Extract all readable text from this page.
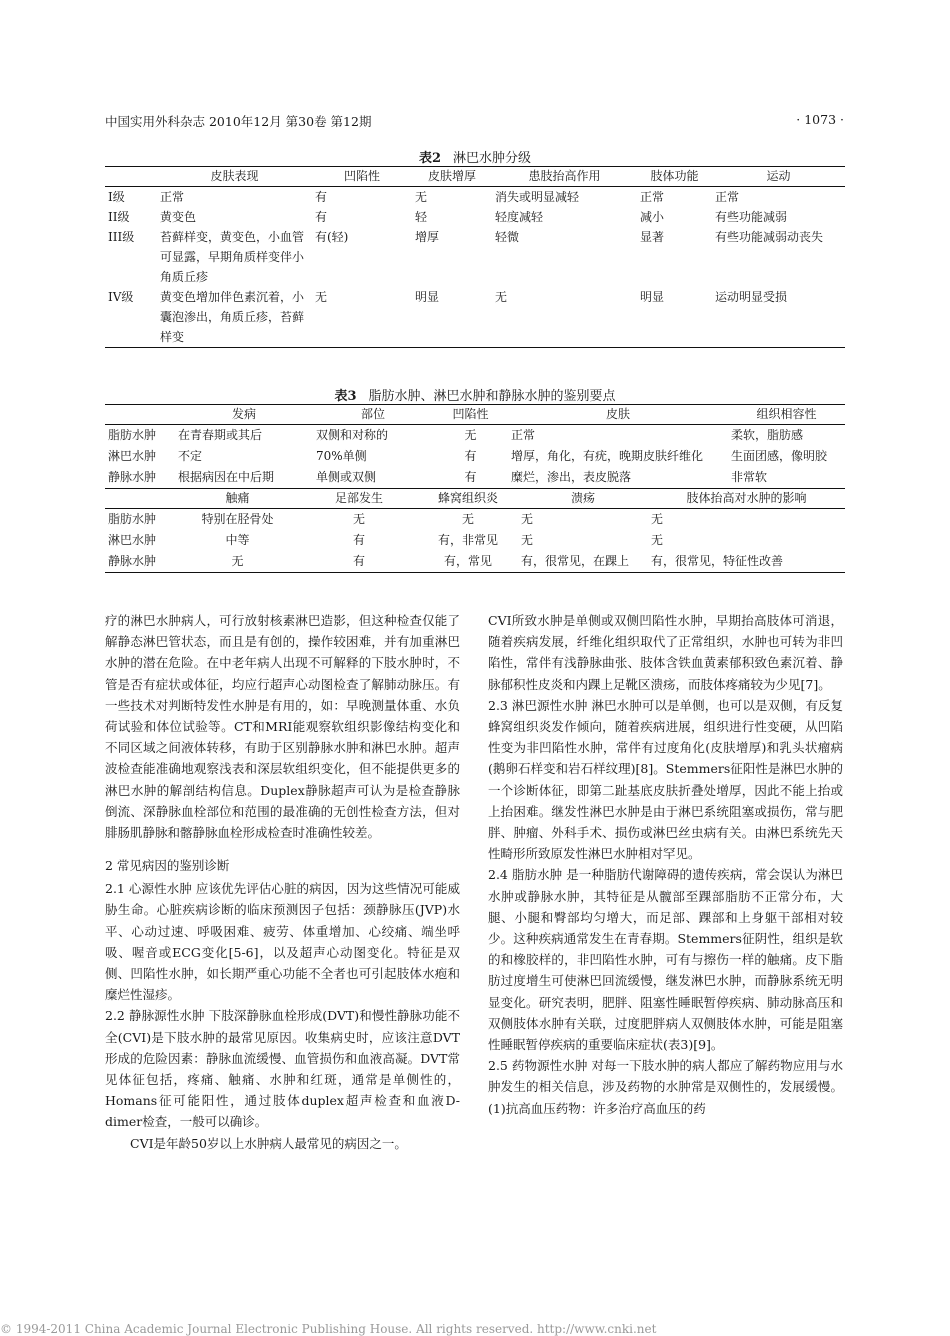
中国实用外科杂志 2010年12月 第30卷 第12期	· 1073 ·
表2 淋巴水肿分级
	皮肤表现	凹陷性	皮肤增厚	患肢抬高作用	肢体功能	运动
I级	正常	有	无	消失或明显减轻	正常	正常
II级	黄变色	有	轻	轻度减轻	减小	有些功能减弱
III级	苔藓样变，黄变色，小血管可显露，早期角质样变伴小角质丘疹	有(轻)	增厚	轻微	显著	有些功能减弱动丧失
IV级	黄变色增加伴色素沉着，小囊泡渗出，角质丘疹，苔藓样变	无	明显	无	明显	运动明显受损
表3 脂肪水肿、淋巴水肿和静脉水肿的鉴别要点
	发病	部位	凹陷性	皮肤	组织相容性
脂肪水肿	在青春期或其后	双侧和对称的	无	正常	柔软，脂肪感
淋巴水肿	不定	70%单侧	有	增厚，角化，有疣，晚期皮肤纤维化	生面团感，像明胶
静脉水肿	根据病因在中后期	单侧或双侧	有	糜烂，渗出，表皮脱落	非常软
	触痛	足部发生	蜂窝组织炎	溃疡	肢体抬高对水肿的影响
脂肪水肿	特别在胫骨处	无	无	无	无
淋巴水肿	中等	有	有，非常见	无	无
静脉水肿	无	有	有，常见	有，很常见，在踝上	有，很常见，特征性改善

疗的淋巴水肿病人，可行放射核素淋巴造影，但这种检查仅能了解静态淋巴管状态，而且是有创的，操作较困难，并有加重淋巴水肿的潜在危险。在中老年病人出现不可解释的下肢水肿时，不管是否有症状或体征，均应行超声心动图检查了解肺动脉压。有一些技术对判断特发性水肿是有用的，如：早晚测量体重、水负荷试验和体位试验等。CT和MRI能观察软组织影像结构变化和不同区域之间液体转移，有助于区别静脉水肿和淋巴水肿。超声波检查能准确地观察浅表和深层软组织变化，但不能提供更多的淋巴水肿的解剖结构信息。Duplex静脉超声可认为是检查静脉倒流、深静脉血栓部位和范围的最准确的无创性检查方法，但对腓肠肌静脉和髂静脉血栓形成检查时准确性较差。

2 常见病因的鉴别诊断

2.1 心源性水肿 应该优先评估心脏的病因，因为这些情况可能威胁生命。心脏疾病诊断的临床预测因子包括：颈静脉压(JVP)水平、心动过速、呼吸困难、疲劳、体重增加、心绞痛、端坐呼吸、喔音或ECG变化[5-6]，以及超声心动图变化。特征是双侧、凹陷性水肿，如长期严重心功能不全者也可引起肢体水疱和糜烂性湿疹。

2.2 静脉源性水肿 下肢深静脉血栓形成(DVT)和慢性静脉功能不全(CVI)是下肢水肿的最常见原因。收集病史时，应该注意DVT形成的危险因素：静脉血流缓慢、血管损伤和血液高凝。DVT常见体征包括，疼痛、触痛、水肿和红斑，通常是单侧性的，Homans征可能阳性，通过肢体duplex超声检查和血液D-dimer检查，一般可以确诊。

CVI是年龄50岁以上水肿病人最常见的病因之一。

CVI所致水肿是单侧或双侧凹陷性水肿，早期抬高肢体可消退，随着疾病发展，纤维化组织取代了正常组织，水肿也可转为非凹陷性，常伴有浅静脉曲张、肢体含铁血黄素郁积致色素沉着、静脉郁积性皮炎和内踝上足靴区溃疡，而肢体疼痛较为少见[7]。

2.3 淋巴源性水肿 淋巴水肿可以是单侧，也可以是双侧，有反复蜂窝组织炎发作倾向，随着疾病进展，组织进行性变硬，从凹陷性变为非凹陷性水肿，常伴有过度角化(皮肤增厚)和乳头状瘤病(鹅卵石样变和岩石样纹理)[8]。Stemmers征阳性是淋巴水肿的一个诊断体征，即第二趾基底皮肤折叠处增厚，因此不能上抬或上抬困难。继发性淋巴水肿是由于淋巴系统阻塞或损伤，常与肥胖、肿瘤、外科手术、损伤或淋巴丝虫病有关。由淋巴系统先天性畸形所致原发性淋巴水肿相对罕见。

2.4 脂肪水肿 是一种脂肪代谢障碍的遗传疾病，常会误认为淋巴水肿或静脉水肿，其特征是从髋部至踝部脂肪不正常分布，大腿、小腿和臀部均匀增大，而足部、踝部和上身躯干部相对较少。这种疾病通常发生在青春期。Stemmers征阴性，组织是软的和橡胶样的，非凹陷性水肿，可有与擦伤一样的触痛。皮下脂肪过度增生可使淋巴回流缓慢，继发淋巴水肿，而静脉系统无明显变化。研究表明，肥胖、阻塞性睡眠暂停疾病、肺动脉高压和双侧肢体水肿有关联，过度肥胖病人双侧肢体水肿，可能是阻塞性睡眠暂停疾病的重要临床症状(表3)[9]。

2.5 药物源性水肿 对每一下肢水肿的病人都应了解药物应用与水肿发生的相关信息，涉及药物的水肿常是双侧性的，发展缓慢。(1)抗高血压药物：许多治疗高血压的药

© 1994-2011 China Academic Journal Electronic Publishing House. All rights reserved. http://www.cnki.net
